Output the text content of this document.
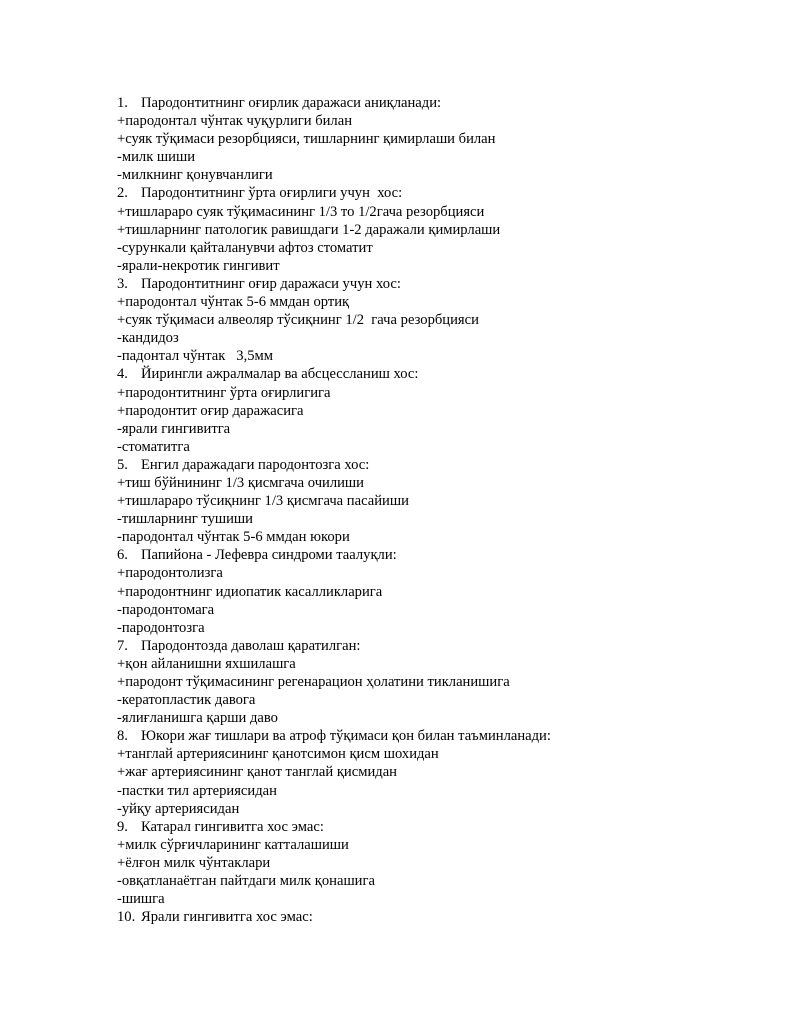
1. Пародонтитнинг оғирлик даражаси аниқланади:
+пародонтал чўнтак чуқурлиги билан
+суяк тўқимаси резорбцияси, тишларнинг қимирлаши билан
-милк шиши
-милкнинг қонувчанлиги
2. Пародонтитнинг ўрта оғирлиги учун  хос:
+тишлараро суяк тўқимасининг 1/3 то 1/2гача резорбцияси
+тишларнинг патологик равишдаги 1-2 даражали қимирлаши
-сурункали қайталанувчи афтоз стоматит
-ярали-некротик гингивит
3. Пародонтитнинг оғир даражаси учун хос:
+пародонтал чўнтак 5-6 ммдан ортиқ
+суяк тўқимаси алвеоляр тўсиқнинг 1/2  гача резорбцияси
-кандидоз
-падонтал чўнтак   3,5мм
4. Йирингли ажралмалар ва абсцессланиш хос:
+пародонтитнинг ўрта оғирлигига
+пародонтит оғир даражасига
-ярали гингивитга
-стоматитга
5. Енгил даражадаги пародонтозга хос:
+тиш бўйнининг 1/3 қисмгача очилиши
+тишлараро тўсиқнинг 1/3 қисмгача пасайиши
-тишларнинг тушиши
-пародонтал чўнтак 5-6 ммдан юкори
6. Папийона - Лефевра синдроми таалуқли:
+пародонтолизга
+пародонтнинг идиопатик касалликларига
-пародонтомага
-пародонтозга
7. Пародонтозда даволаш қаратилган:
+қон айланишни яхшилашга
+пародонт тўқимасининг регенарацион ҳолатини тикланишига
-кератопластик давога
-ялиғланишга қарши даво
8. Юкори жағ тишлари ва атроф тўқимаси қон билан таъминланади:
+танглай артериясининг қанотсимон қисм шохидан
+жағ артериясининг қанот танглай қисмидан
-пастки тил артериясидан
-уйқу артериясидан
9. Катарал гингивитга хос эмас:
+милк сўрғичларининг катталашиши
+ёлғон милк чўнтаклари
-овқатланаётган пайтдаги милк қонашига
-шишга
10. Ярали гингивитга хос эмас:
